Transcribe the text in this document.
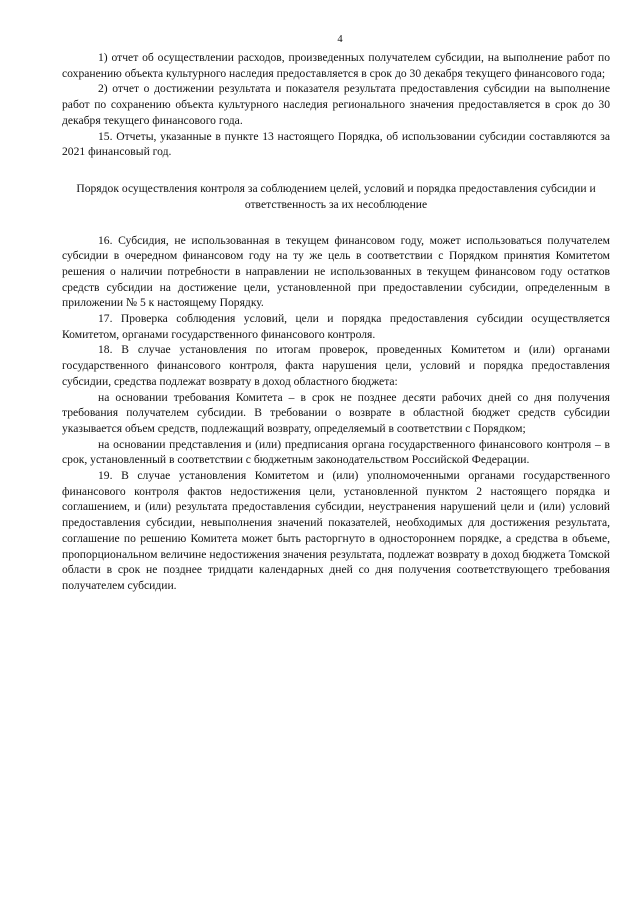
4

1) отчет об осуществлении расходов, произведенных получателем субсидии, на выполнение работ по сохранению объекта культурного наследия предоставляется в срок до 30 декабря текущего финансового года;

2) отчет о достижении результата и показателя результата предоставления субсидии на выполнение работ по сохранению объекта культурного наследия регионального значения предоставляется в срок до 30 декабря текущего финансового года.

15. Отчеты, указанные в пункте 13 настоящего Порядка, об использовании субсидии составляются за 2021 финансовый год.

Порядок осуществления контроля за соблюдением целей, условий и порядка предоставления субсидии и ответственность за их несоблюдение

16. Субсидия, не использованная в текущем финансовом году, может использоваться получателем субсидии в очередном финансовом году на ту же цель в соответствии с Порядком принятия Комитетом решения о наличии потребности в направлении не использованных в текущем финансовом году остатков средств субсидии на достижение цели, установленной при предоставлении субсидии, определенным в приложении № 5 к настоящему Порядку.

17. Проверка соблюдения условий, цели и порядка предоставления субсидии осуществляется Комитетом, органами государственного финансового контроля.

18. В случае установления по итогам проверок, проведенных Комитетом и (или) органами государственного финансового контроля, факта нарушения цели, условий и порядка предоставления субсидии, средства подлежат возврату в доход областного бюджета:

на основании требования Комитета – в срок не позднее десяти рабочих дней со дня получения требования получателем субсидии. В требовании о возврате в областной бюджет средств субсидии указывается объем средств, подлежащий возврату, определяемый в соответствии с Порядком;

на основании представления и (или) предписания органа государственного финансового контроля – в срок, установленный в соответствии с бюджетным законодательством Российской Федерации.

19. В случае установления Комитетом и (или) уполномоченными органами государственного финансового контроля фактов недостижения цели, установленной пунктом 2 настоящего порядка и соглашением, и (или) результата предоставления субсидии, неустранения нарушений цели и (или) условий предоставления субсидии, невыполнения значений показателей, необходимых для достижения результата, соглашение по решению Комитета может быть расторгнуто в одностороннем порядке, а средства в объеме, пропорциональном величине недостижения значения результата, подлежат возврату в доход бюджета Томской области в срок не позднее тридцати календарных дней со дня получения соответствующего требования получателем субсидии.
